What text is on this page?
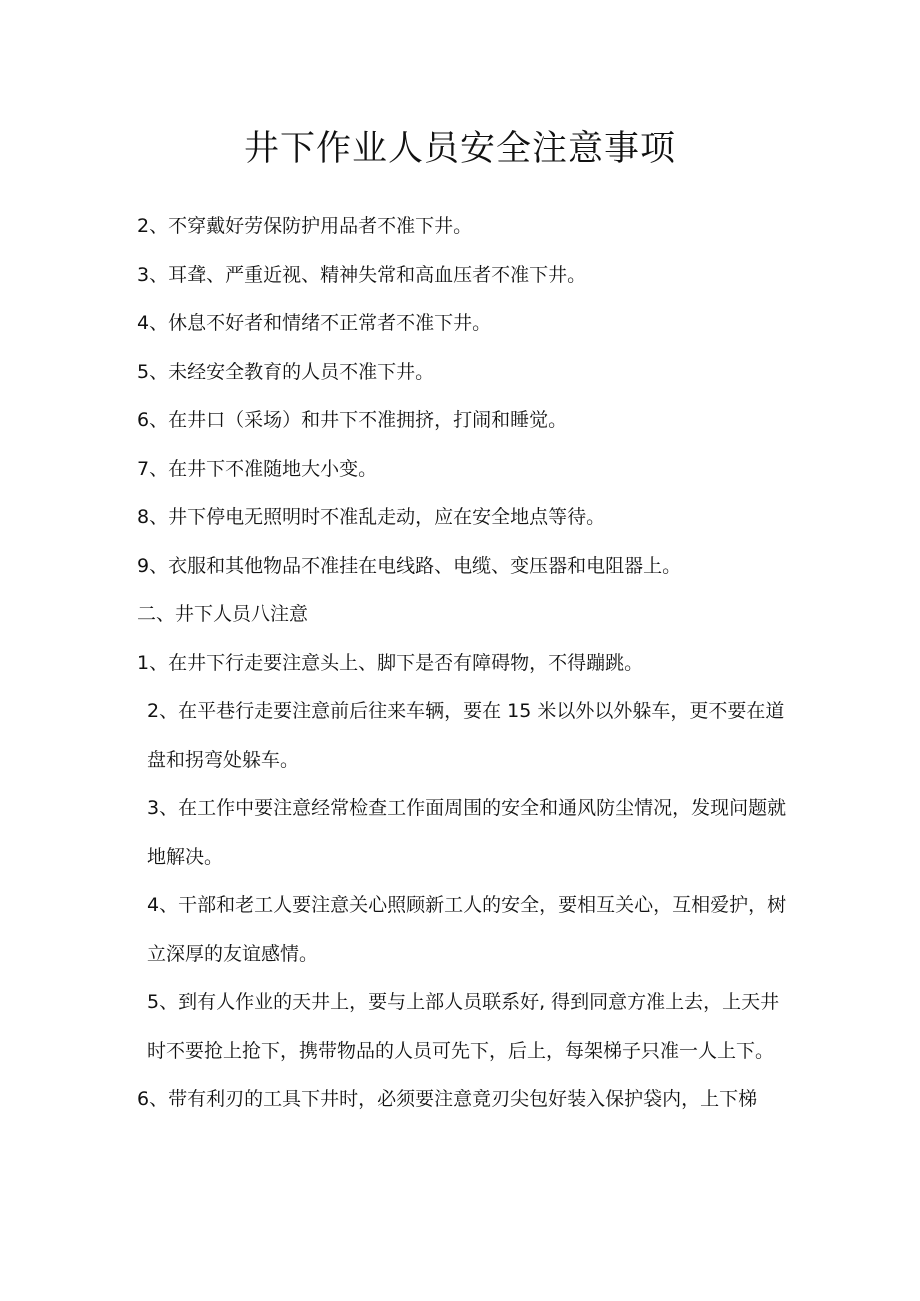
井下作业人员安全注意事项

2、不穿戴好劳保防护用品者不准下井。

3、耳聋、严重近视、精神失常和高血压者不准下井。

4、休息不好者和情绪不正常者不准下井。

5、未经安全教育的人员不准下井。

6、在井口（采场）和井下不准拥挤，打闹和睡觉。

7、在井下不准随地大小变。

8、井下停电无照明时不准乱走动，应在安全地点等待。

9、衣服和其他物品不准挂在电线路、电缆、变压器和电阻器上。

二、井下人员八注意

1、在井下行走要注意头上、脚下是否有障碍物，不得蹦跳。

2、在平巷行走要注意前后往来车辆，要在 15 米以外以外躲车，更不要在道盘和拐弯处躲车。

3、在工作中要注意经常检查工作面周围的安全和通风防尘情况，发现问题就地解决。

4、干部和老工人要注意关心照顾新工人的安全，要相互关心，互相爱护，树立深厚的友谊感情。

5、到有人作业的天井上，要与上部人员联系好, 得到同意方准上去，上天井时不要抢上抢下，携带物品的人员可先下，后上，每架梯子只准一人上下。

6、带有利刃的工具下井时，必须要注意竟刃尖包好装入保护袋内，上下梯
